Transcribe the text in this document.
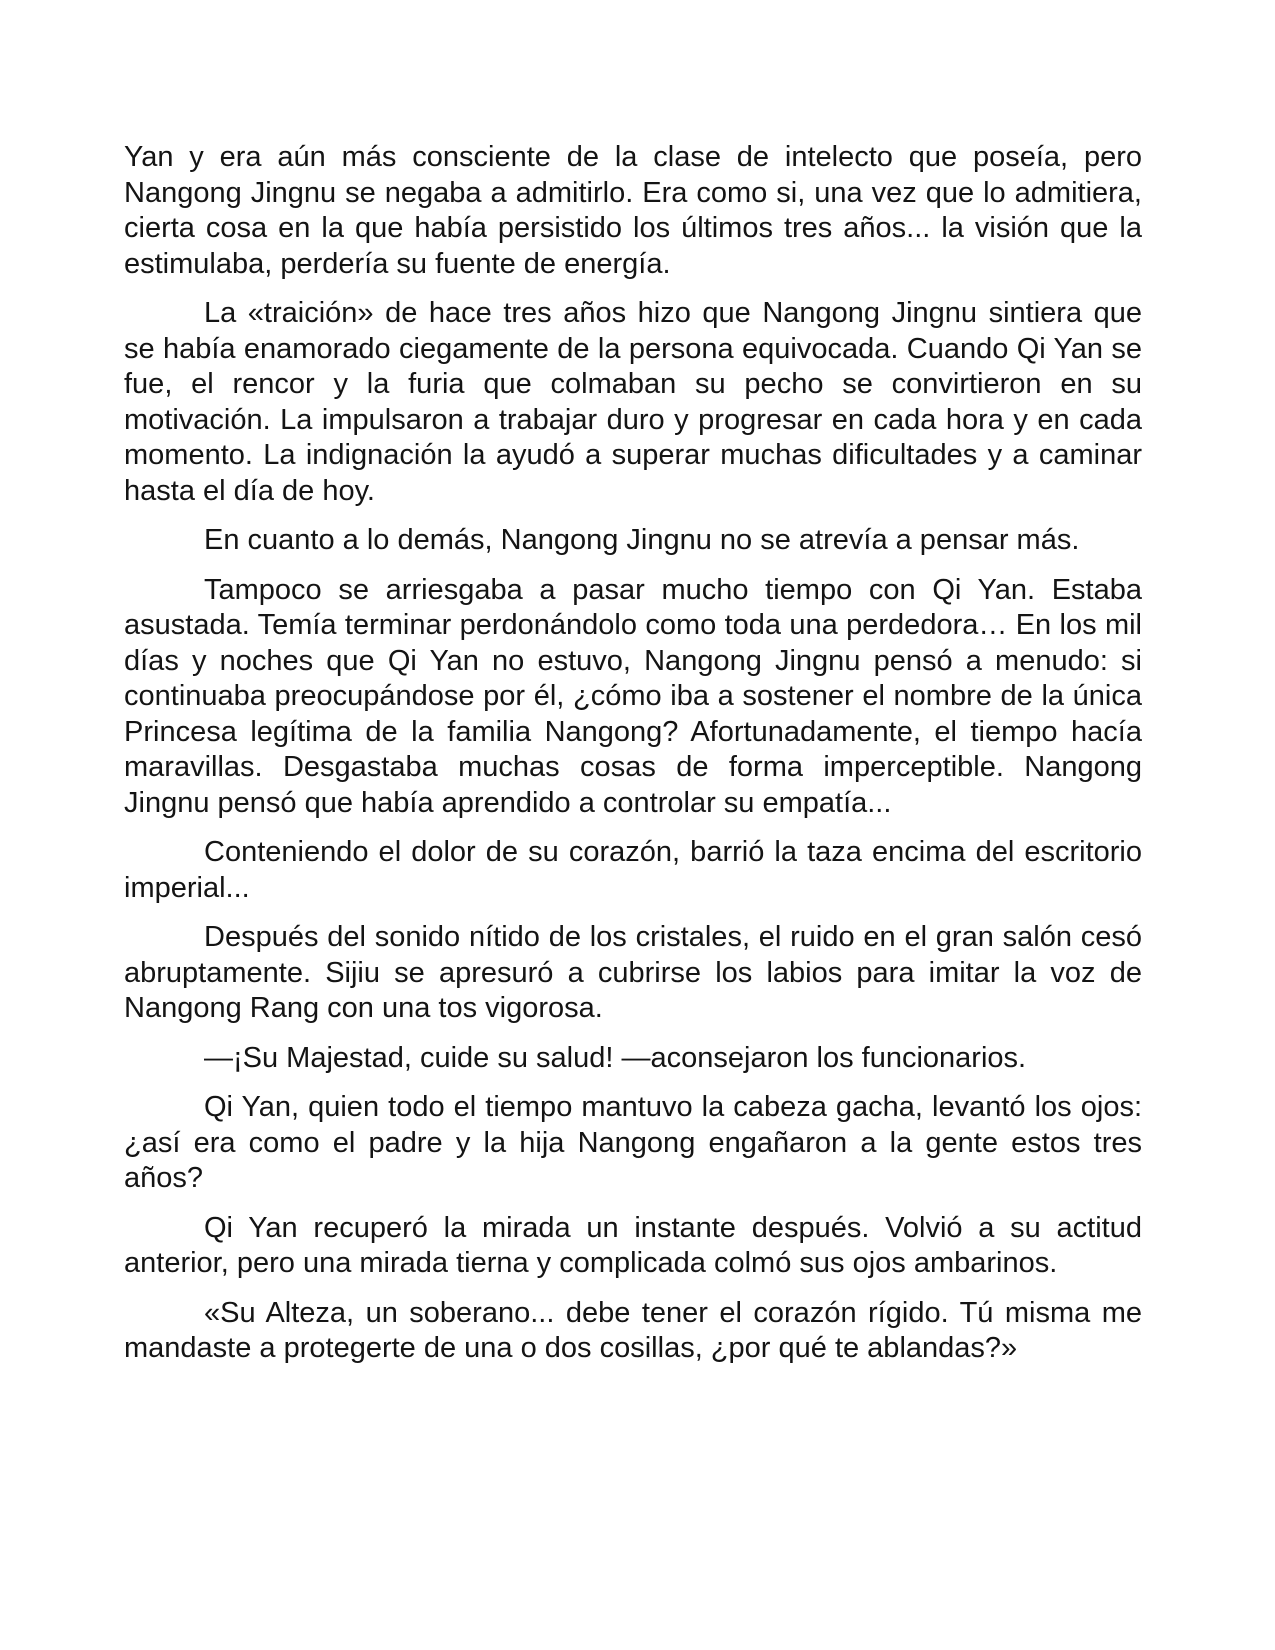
Yan y era aún más consciente de la clase de intelecto que poseía, pero Nangong Jingnu se negaba a admitirlo. Era como si, una vez que lo admitiera, cierta cosa en la que había persistido los últimos tres años... la visión que la estimulaba, perdería su fuente de energía.

La «traición» de hace tres años hizo que Nangong Jingnu sintiera que se había enamorado ciegamente de la persona equivocada. Cuando Qi Yan se fue, el rencor y la furia que colmaban su pecho se convirtieron en su motivación. La impulsaron a trabajar duro y progresar en cada hora y en cada momento. La indignación la ayudó a superar muchas dificultades y a caminar hasta el día de hoy.

En cuanto a lo demás, Nangong Jingnu no se atrevía a pensar más.

Tampoco se arriesgaba a pasar mucho tiempo con Qi Yan. Estaba asustada. Temía terminar perdonándolo como toda una perdedora… En los mil días y noches que Qi Yan no estuvo, Nangong Jingnu pensó a menudo: si continuaba preocupándose por él, ¿cómo iba a sostener el nombre de la única Princesa legítima de la familia Nangong? Afortunadamente, el tiempo hacía maravillas. Desgastaba muchas cosas de forma imperceptible. Nangong Jingnu pensó que había aprendido a controlar su empatía...

Conteniendo el dolor de su corazón, barrió la taza encima del escritorio imperial...

Después del sonido nítido de los cristales, el ruido en el gran salón cesó abruptamente. Sijiu se apresuró a cubrirse los labios para imitar la voz de Nangong Rang con una tos vigorosa.

—¡Su Majestad, cuide su salud! —aconsejaron los funcionarios.

Qi Yan, quien todo el tiempo mantuvo la cabeza gacha, levantó los ojos: ¿así era como el padre y la hija Nangong engañaron a la gente estos tres años?

Qi Yan recuperó la mirada un instante después. Volvió a su actitud anterior, pero una mirada tierna y complicada colmó sus ojos ambarinos.

«Su Alteza, un soberano... debe tener el corazón rígido. Tú misma me mandaste a protegerte de una o dos cosillas, ¿por qué te ablandas?»
